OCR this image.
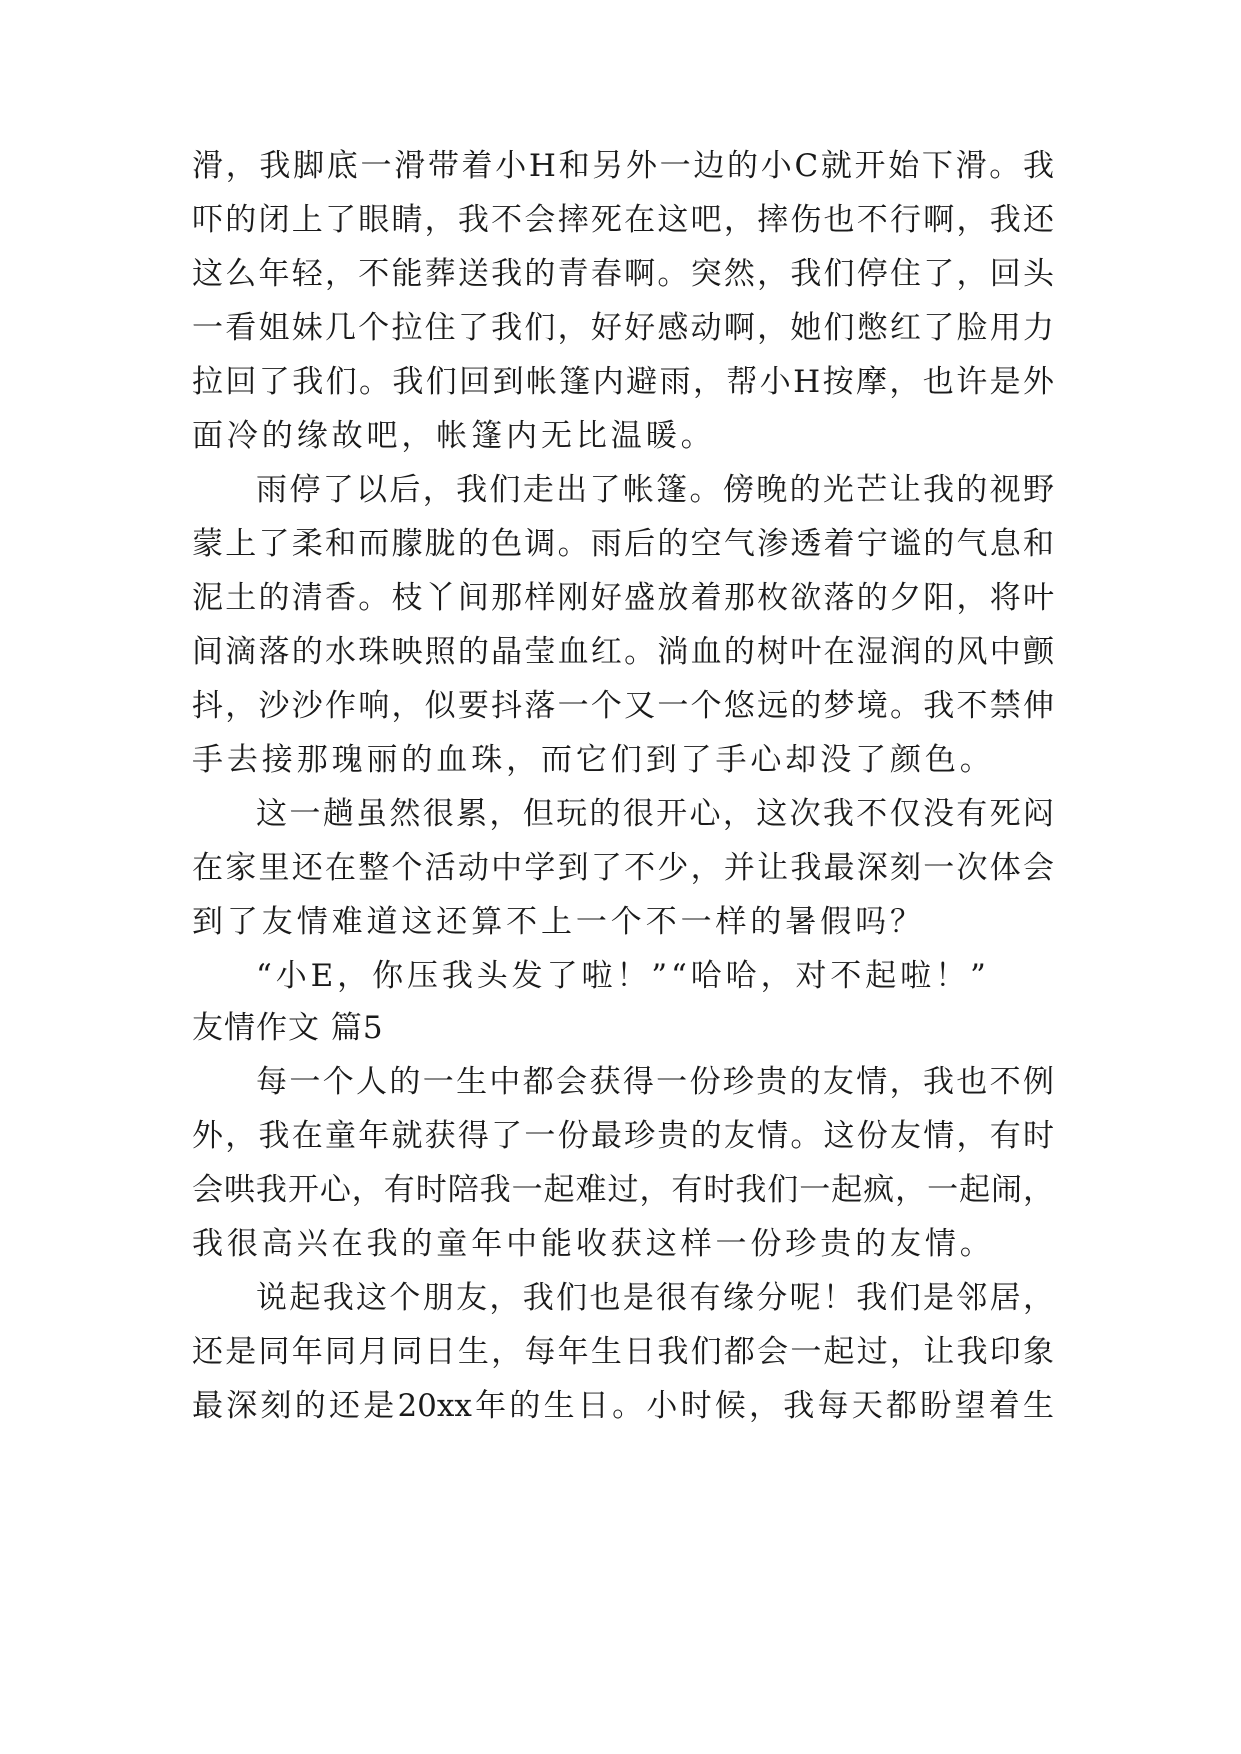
滑，我脚底一滑带着小H和另外一边的小C就开始下滑。我
吓的闭上了眼睛，我不会摔死在这吧，摔伤也不行啊，我还
这么年轻，不能葬送我的青春啊。突然，我们停住了，回头
一看姐妹几个拉住了我们，好好感动啊，她们憋红了脸用力
拉回了我们。我们回到帐篷内避雨，帮小H按摩，也许是外
面冷的缘故吧，帐篷内无比温暖。
雨停了以后，我们走出了帐篷。傍晚的光芒让我的视野
蒙上了柔和而朦胧的色调。雨后的空气渗透着宁谧的气息和
泥土的清香。枝丫间那样刚好盛放着那枚欲落的夕阳，将叶
间滴落的水珠映照的晶莹血红。淌血的树叶在湿润的风中颤
抖，沙沙作响，似要抖落一个又一个悠远的梦境。我不禁伸
手去接那瑰丽的血珠，而它们到了手心却没了颜色。
这一趟虽然很累，但玩的很开心，这次我不仅没有死闷
在家里还在整个活动中学到了不少，并让我最深刻一次体会
到了友情难道这还算不上一个不一样的暑假吗？
“小E，你压我头发了啦！”“哈哈，对不起啦！”
友情作文 篇5
每一个人的一生中都会获得一份珍贵的友情，我也不例
外，我在童年就获得了一份最珍贵的友情。这份友情，有时
会哄我开心，有时陪我一起难过，有时我们一起疯，一起闹，
我很高兴在我的童年中能收获这样一份珍贵的友情。
说起我这个朋友，我们也是很有缘分呢！我们是邻居，
还是同年同月同日生，每年生日我们都会一起过，让我印象
最深刻的还是20xx年的生日。小时候，我每天都盼望着生
